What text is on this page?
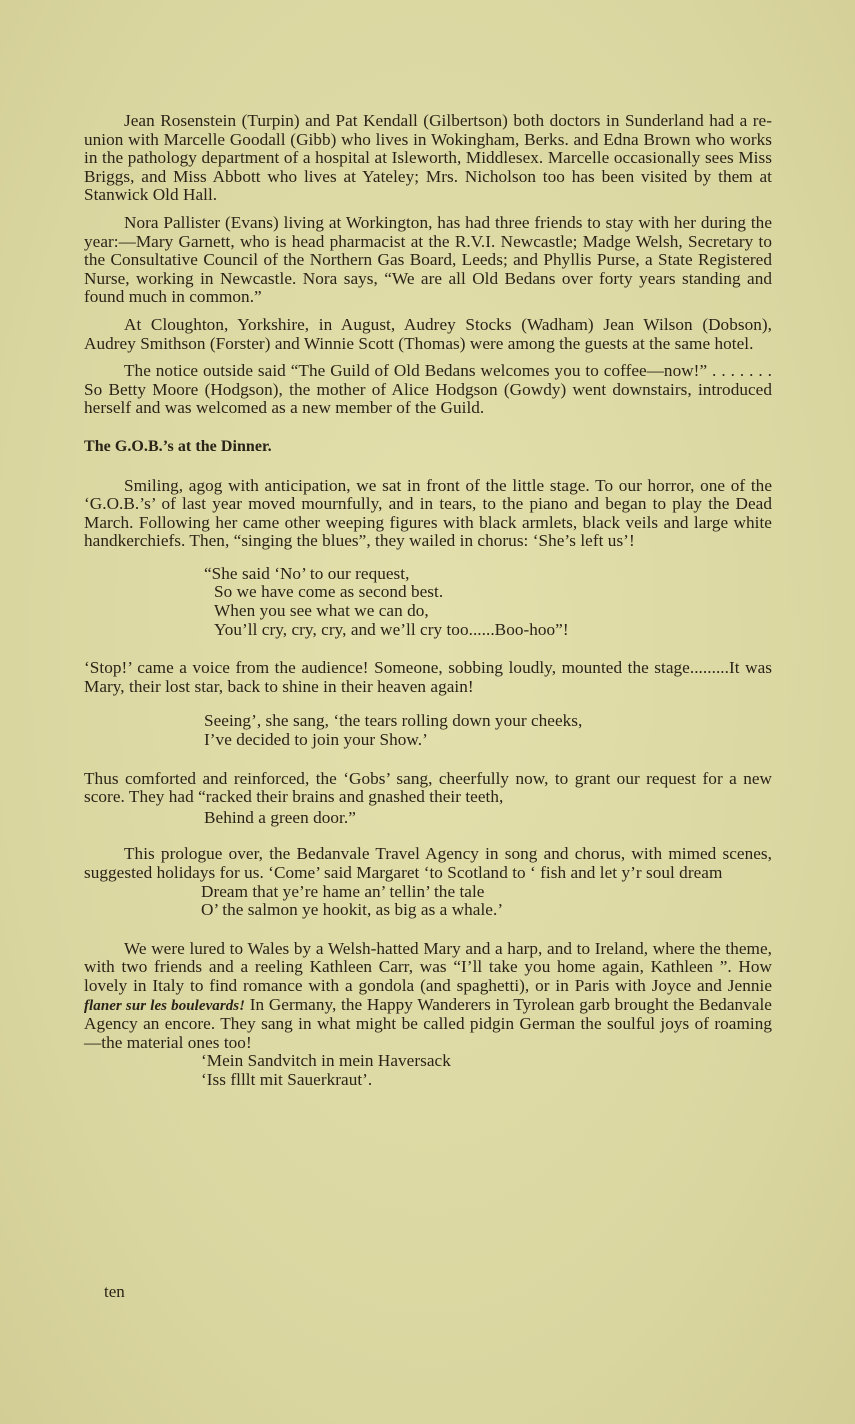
Jean Rosenstein (Turpin) and Pat Kendall (Gilbertson) both doctors in Sunderland had a re-union with Marcelle Goodall (Gibb) who lives in Wokingham, Berks. and Edna Brown who works in the pathology department of a hospital at Isleworth, Middlesex. Marcelle occasionally sees Miss Briggs, and Miss Abbott who lives at Yateley; Mrs. Nicholson too has been visited by them at Stanwick Old Hall.

Nora Pallister (Evans) living at Workington, has had three friends to stay with her during the year:—Mary Garnett, who is head pharmacist at the R.V.I. Newcastle; Madge Welsh, Secretary to the Consultative Council of the Northern Gas Board, Leeds; and Phyllis Purse, a State Registered Nurse, working in Newcastle. Nora says, “We are all Old Bedans over forty years standing and found much in common.”

At Cloughton, Yorkshire, in August, Audrey Stocks (Wadham) Jean Wilson (Dobson), Audrey Smithson (Forster) and Winnie Scott (Thomas) were among the guests at the same hotel.

The notice outside said “The Guild of Old Bedans welcomes you to coffee—now!” . . . . . . . So Betty Moore (Hodgson), the mother of Alice Hodgson (Gowdy) went downstairs, introduced herself and was welcomed as a new member of the Guild.

The G.O.B.’s at the Dinner.

Smiling, agog with anticipation, we sat in front of the little stage. To our horror, one of the ‘G.O.B.’s’ of last year moved mournfully, and in tears, to the piano and began to play the Dead March. Following her came other weeping figures with black armlets, black veils and large white handkerchiefs. Then, “singing the blues”, they wailed in chorus: ‘She’s left us’!

“She said ‘No’ to our request,
So we have come as second best.
When you see what we can do,
You’ll cry, cry, cry, and we’ll cry too......Boo-hoo”!

‘Stop!’ came a voice from the audience! Someone, sobbing loudly, mounted the stage.........It was Mary, their lost star, back to shine in their heaven again!

Seeing’, she sang, ‘the tears rolling down your cheeks,
I’ve decided to join your Show.’

Thus comforted and reinforced, the ‘Gobs’ sang, cheerfully now, to grant our request for a new score. They had “racked their brains and gnashed their teeth,

Behind a green door.”

This prologue over, the Bedanvale Travel Agency in song and chorus, with mimed scenes, suggested holidays for us. ‘Come’ said Margaret ‘to Scotland to ‘ fish and let y’r soul dream

Dream that ye’re hame an’ tellin’ the tale
O’ the salmon ye hookit, as big as a whale.’

We were lured to Wales by a Welsh-hatted Mary and a harp, and to Ireland, where the theme, with two friends and a reeling Kathleen Carr, was “I’ll take you home again, Kathleen ”. How lovely in Italy to find romance with a gondola (and spaghetti), or in Paris with Joyce and Jennie flaner sur les boulevards! In Germany, the Happy Wanderers in Tyrolean garb brought the Bedanvale Agency an encore. They sang in what might be called pidgin German the soulful joys of roaming—the material ones too!

‘Mein Sandvitch in mein Haversack
‘Iss flllt mit Sauerkraut’.
ten
